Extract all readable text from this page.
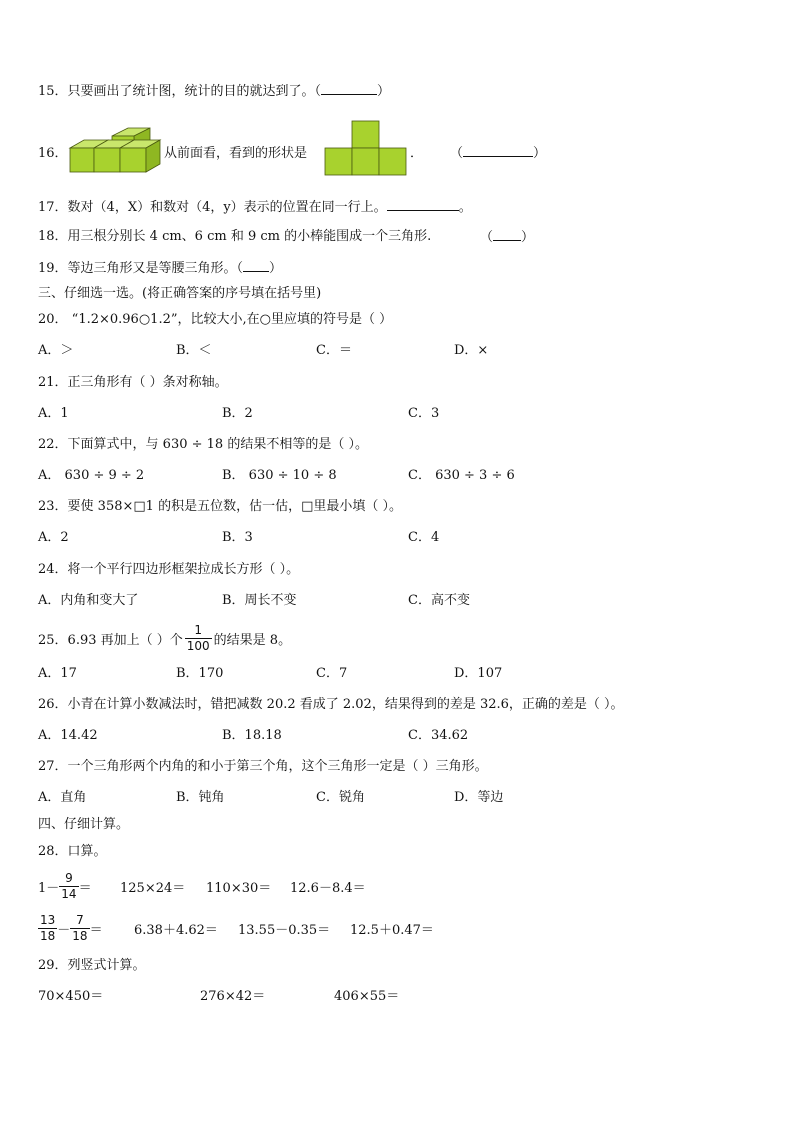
15．只要画出了统计图，统计的目的就达到了。（	）
16．	从前面看，看到的形状是	． （	）
17．数对（4，X）和数对（4，y）表示的位置在同一行上。	。
18．用三根分别长 4 cm、6 cm 和 9 cm 的小棒能围成一个三角形.	（ ）
19．等边三角形又是等腰三角形。（ ）
三、仔细选一选。(将正确答案的序号填在括号里)
20． “1.2×0.96○1.2”，比较大小,在○里应填的符号是（ ）
A．＞	B．＜	C．＝	D．×
21．正三角形有（ ）条对称轴。
A．1	B．2	C．3
22．下面算式中，与 630 ÷ 18 的结果不相等的是（ ）。
A． 630 ÷ 9 ÷ 2	B． 630 ÷ 10 ÷ 8	C． 630 ÷ 3 ÷ 6
23．要使 358×□1 的积是五位数，估一估，□里最小填（ ）。
A．2	B．3	C．4
24．将一个平行四边形框架拉成长方形（ ）。
A．内角和变大了	B．周长不变	C．高不变
25．6.93 再加上（ ）个 $\frac{1}{100}$ 的结果是 8。
A．17	B．170	C．7	D．107
26．小青在计算小数减法时，错把减数 20.2 看成了 2.02，结果得到的差是 32.6，正确的差是（ ）。
A．14.42	B．18.18	C．34.62
27．一个三角形两个内角的和小于第三个角，这个三角形一定是（ ）三角形。
A．直角	B．钝角	C．锐角	D．等边
四、仔细计算。
28．口算。
$1- \frac{9}{14} = 125\times 24= 110\times 30= 12.6-8.4=$
$\frac{13}{18} - \frac{7}{18} = 6.38+4.62= 13.55-0.35= 12.5+0.47=$
29．列竖式计算。
70×450＝	276×42＝	406×55＝
